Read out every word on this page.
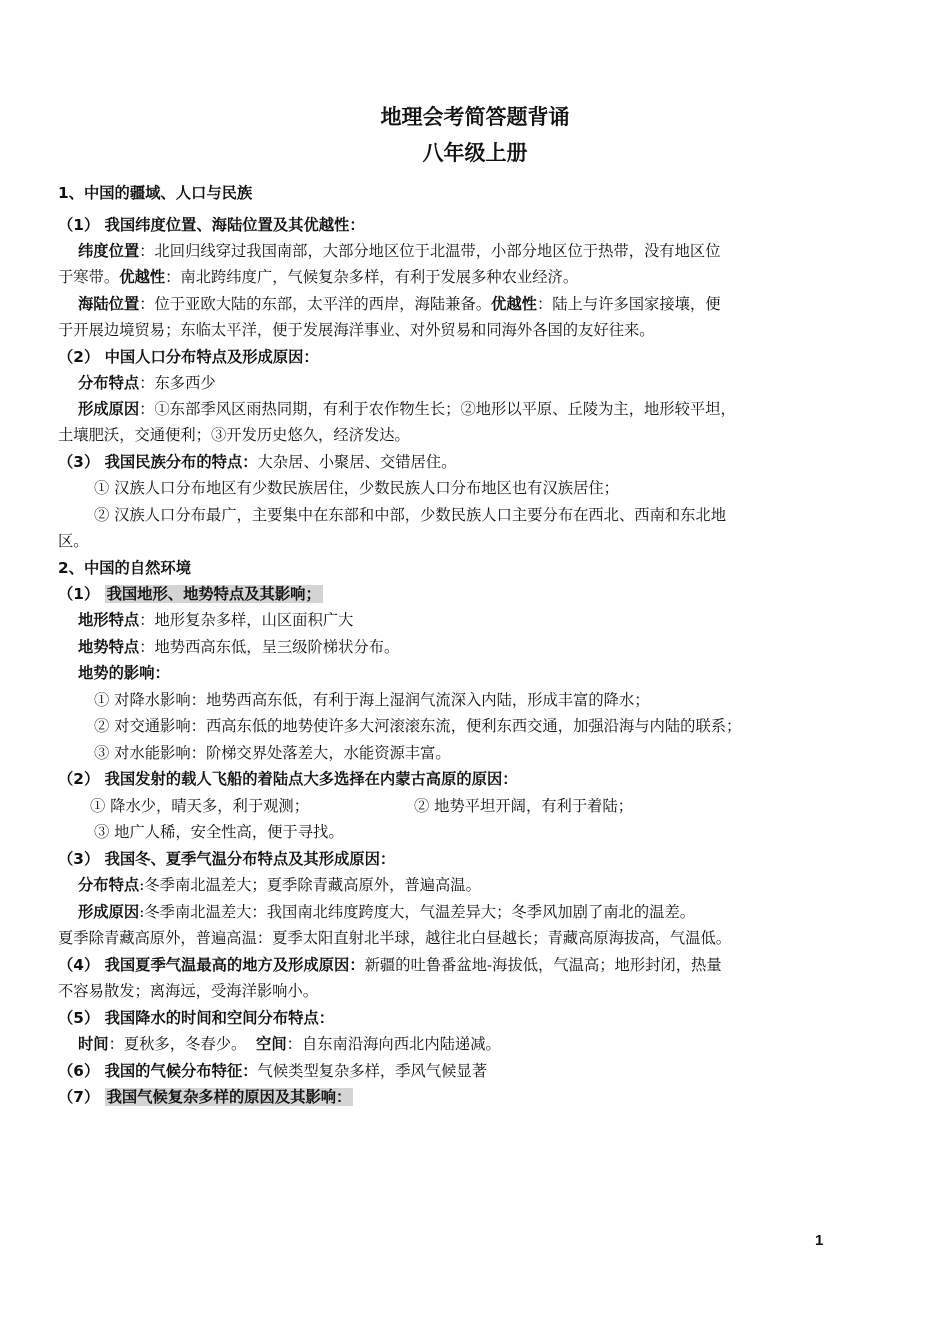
地理会考简答题背诵
八年级上册
1、中国的疆域、人口与民族
（1） 我国纬度位置、海陆位置及其优越性：
纬度位置：北回归线穿过我国南部，大部分地区位于北温带，小部分地区位于热带，没有地区位
于寒带。优越性：南北跨纬度广，气候复杂多样，有利于发展多种农业经济。
海陆位置：位于亚欧大陆的东部，太平洋的西岸，海陆兼备。优越性：陆上与许多国家接壤，便
于开展边境贸易；东临太平洋，便于发展海洋事业、对外贸易和同海外各国的友好往来。
（2） 中国人口分布特点及形成原因：
分布特点：东多西少
形成原因：①东部季风区雨热同期，有利于农作物生长；②地形以平原、丘陵为主，地形较平坦，
土壤肥沃，交通便利；③开发历史悠久，经济发达。
（3） 我国民族分布的特点：大杂居、小聚居、交错居住。
① 汉族人口分布地区有少数民族居住，少数民族人口分布地区也有汉族居住；
② 汉族人口分布最广，主要集中在东部和中部，少数民族人口主要分布在西北、西南和东北地
区。
2、中国的自然环境
（1） 我国地形、地势特点及其影响；
地形特点：地形复杂多样，山区面积广大
地势特点：地势西高东低，呈三级阶梯状分布。
地势的影响：
① 对降水影响：地势西高东低，有利于海上湿润气流深入内陆，形成丰富的降水；
② 对交通影响：西高东低的地势使许多大河滚滚东流，便利东西交通，加强沿海与内陆的联系；
③ 对水能影响：阶梯交界处落差大，水能资源丰富。
（2） 我国发射的载人飞船的着陆点大多选择在内蒙古高原的原因：
① 降水少，晴天多，利于观测；	② 地势平坦开阔，有利于着陆；
③ 地广人稀，安全性高，便于寻找。
（3） 我国冬、夏季气温分布特点及其形成原因：
分布特点:冬季南北温差大；夏季除青藏高原外，普遍高温。
形成原因:冬季南北温差大：我国南北纬度跨度大，气温差异大；冬季风加剧了南北的温差。
夏季除青藏高原外，普遍高温：夏季太阳直射北半球，越往北白昼越长；青藏高原海拔高，气温低。
（4） 我国夏季气温最高的地方及形成原因：新疆的吐鲁番盆地-海拔低，气温高；地形封闭，热量
不容易散发；离海远，受海洋影响小。
（5） 我国降水的时间和空间分布特点：
时间：夏秋多，冬春少。 空间：自东南沿海向西北内陆递减。
（6） 我国的气候分布特征：气候类型复杂多样，季风气候显著
（7） 我国气候复杂多样的原因及其影响：
1
